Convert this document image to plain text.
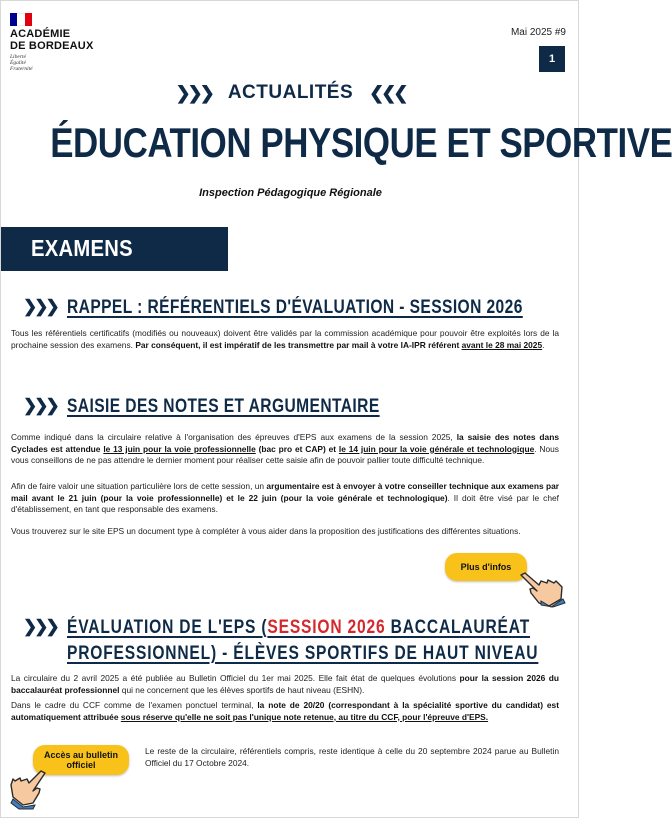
ACADÉMIE
DE BORDEAUX
Liberté
Égalité
Fraternité
Mai 2025 #9
1
❯❯❯ ACTUALITÉS ❮❮❮
ÉDUCATION PHYSIQUE ET SPORTIVE
Inspection Pédagogique Régionale
EXAMENS
❯❯❯ RAPPEL : RÉFÉRENTIELS D'ÉVALUATION - SESSION 2026
Tous les référentiels certificatifs (modifiés ou nouveaux) doivent être validés par la commission académique pour pouvoir être exploités lors de la prochaine session des examens. Par conséquent, il est impératif de les transmettre par mail à votre IA-IPR référent avant le 28 mai 2025.
❯❯❯ SAISIE DES NOTES ET ARGUMENTAIRE
Comme indiqué dans la circulaire relative à l'organisation des épreuves d'EPS aux examens de la session 2025, la saisie des notes dans Cyclades est attendue le 13 juin pour la voie professionnelle (bac pro et CAP) et le 14 juin pour la voie générale et technologique. Nous vous conseillons de ne pas attendre le dernier moment pour réaliser cette saisie afin de pouvoir pallier toute difficulté technique.
Afin de faire valoir une situation particulière lors de cette session, un argumentaire est à envoyer à votre conseiller technique aux examens par mail avant le 21 juin (pour la voie professionnelle) et le 22 juin (pour la voie générale et technologique). Il doit être visé par le chef d'établissement, en tant que responsable des examens.
Vous trouverez sur le site EPS un document type à compléter à vous aider dans la proposition des justifications des différentes situations.
Plus d'infos
❯❯❯ ÉVALUATION DE L'EPS (SESSION 2026 BACCALAURÉAT
PROFESSIONNEL) - ÉLÈVES SPORTIFS DE HAUT NIVEAU
La circulaire du 2 avril 2025 a été publiée au Bulletin Officiel du 1er mai 2025. Elle fait état de quelques évolutions pour la session 2026 du baccalauréat professionnel qui ne concernent que les élèves sportifs de haut niveau (ESHN).
Dans le cadre du CCF comme de l'examen ponctuel terminal, la note de 20/20 (correspondant à la spécialité sportive du candidat) est automatiquement attribuée sous réserve qu'elle ne soit pas l'unique note retenue, au titre du CCF, pour l'épreuve d'EPS.
Le reste de la circulaire, référentiels compris, reste identique à celle du 20 septembre 2024 parue au Bulletin Officiel du 17 Octobre 2024.
Accès au bulletin officiel
